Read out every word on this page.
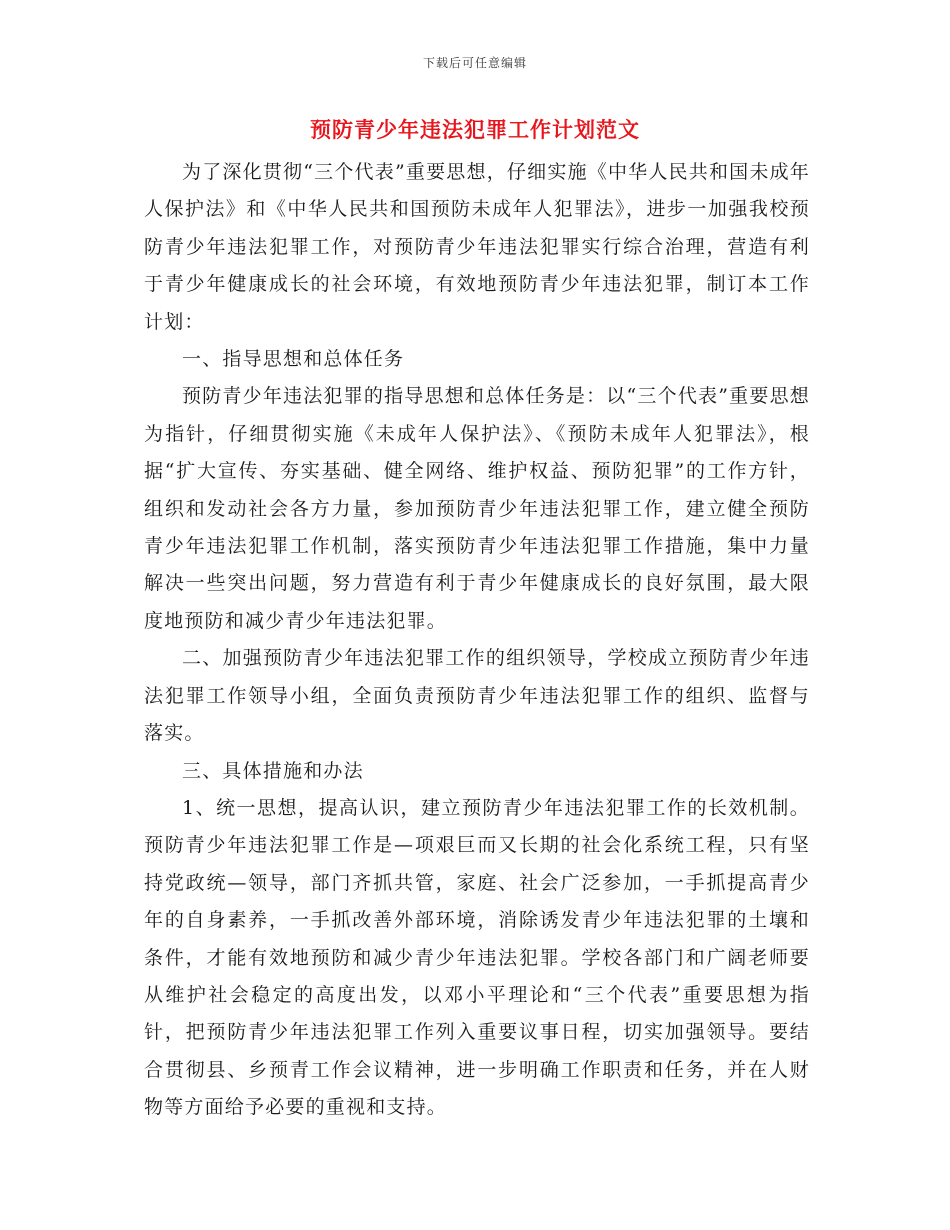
下载后可任意编辑
预防青少年违法犯罪工作计划范文

为了深化贯彻“三个代表”重要思想，仔细实施《中华人民共和国未成年人保护法》和《中华人民共和国预防未成年人犯罪法》，进步一加强我校预防青少年违法犯罪工作，对预防青少年违法犯罪实行综合治理，营造有利于青少年健康成长的社会环境，有效地预防青少年违法犯罪，制订本工作计划：

一、指导思想和总体任务

预防青少年违法犯罪的指导思想和总体任务是：以“三个代表”重要思想为指针，仔细贯彻实施《未成年人保护法》、《预防未成年人犯罪法》，根据“扩大宣传、夯实基础、健全网络、维护权益、预防犯罪”的工作方针，组织和发动社会各方力量，参加预防青少年违法犯罪工作，建立健全预防青少年违法犯罪工作机制，落实预防青少年违法犯罪工作措施，集中力量解决一些突出问题，努力营造有利于青少年健康成长的良好氛围，最大限度地预防和减少青少年违法犯罪。

二、加强预防青少年违法犯罪工作的组织领导，学校成立预防青少年违法犯罪工作领导小组，全面负责预防青少年违法犯罪工作的组织、监督与落实。

三、具体措施和办法

1、统一思想，提高认识，建立预防青少年违法犯罪工作的长效机制。预防青少年违法犯罪工作是—项艰巨而又长期的社会化系统工程，只有坚持党政统—领导，部门齐抓共管，家庭、社会广泛参加，一手抓提高青少年的自身素养，一手抓改善外部环境，消除诱发青少年违法犯罪的土壤和条件，才能有效地预防和减少青少年违法犯罪。学校各部门和广阔老师要从维护社会稳定的高度出发，以邓小平理论和“三个代表”重要思想为指针，把预防青少年违法犯罪工作列入重要议事日程，切实加强领导。要结合贯彻县、乡预青工作会议精神，进一步明确工作职责和任务，并在人财物等方面给予必要的重视和支持。
